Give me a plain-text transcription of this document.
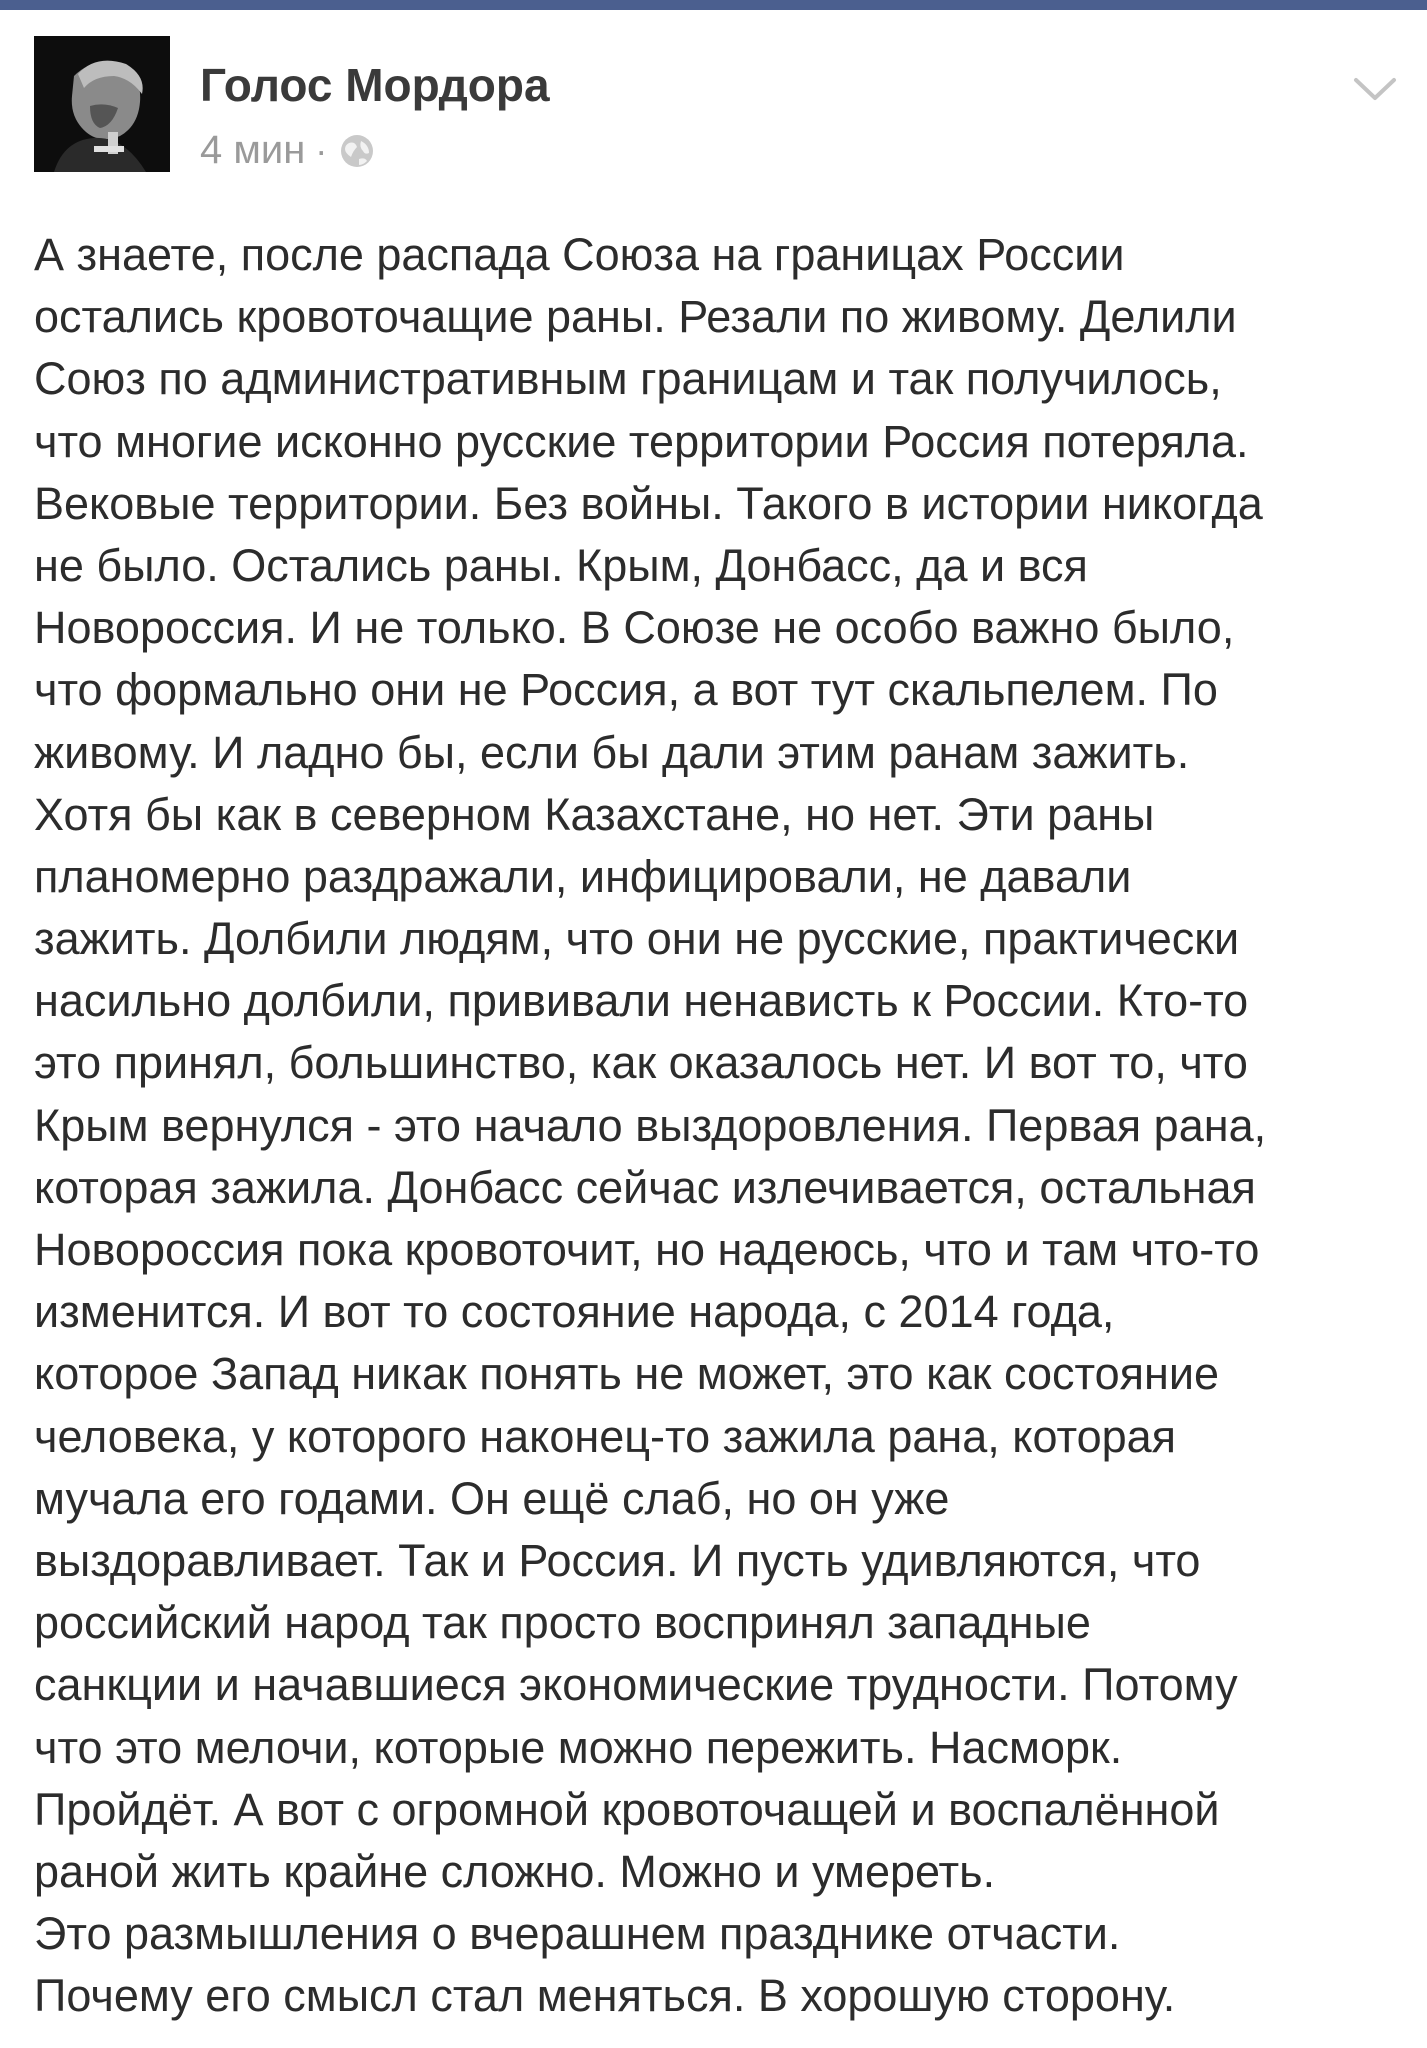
Голос Мордора
4 мин ·
А знаете, после распада Союза на границах России
остались кровоточащие раны. Резали по живому. Делили
Союз по административным границам и так получилось,
что многие исконно русские территории Россия потеряла.
Вековые территории. Без войны. Такого в истории никогда
не было. Остались раны. Крым, Донбасс, да и вся
Новороссия. И не только. В Союзе не особо важно было,
что формально они не Россия, а вот тут скальпелем. По
живому. И ладно бы, если бы дали этим ранам зажить.
Хотя бы как в северном Казахстане, но нет. Эти раны
планомерно раздражали, инфицировали, не давали
зажить. Долбили людям, что они не русские, практически
насильно долбили, прививали ненависть к России. Кто-то
это принял, большинство, как оказалось нет. И вот то, что
Крым вернулся - это начало выздоровления. Первая рана,
которая зажила. Донбасс сейчас излечивается, остальная
Новороссия пока кровоточит, но надеюсь, что и там что-то
изменится. И вот то состояние народа, с 2014 года,
которое Запад никак понять не может, это как состояние
человека, у которого наконец-то зажила рана, которая
мучала его годами. Он ещё слаб, но он уже
выздоравливает. Так и Россия. И пусть удивляются, что
российский народ так просто воспринял западные
санкции и начавшиеся экономические трудности. Потому
что это мелочи, которые можно пережить. Насморк.
Пройдёт. А вот с огромной кровоточащей и воспалённой
раной жить крайне сложно. Можно и умереть.
Это размышления о вчерашнем празднике отчасти.
Почему его смысл стал меняться. В хорошую сторону.
